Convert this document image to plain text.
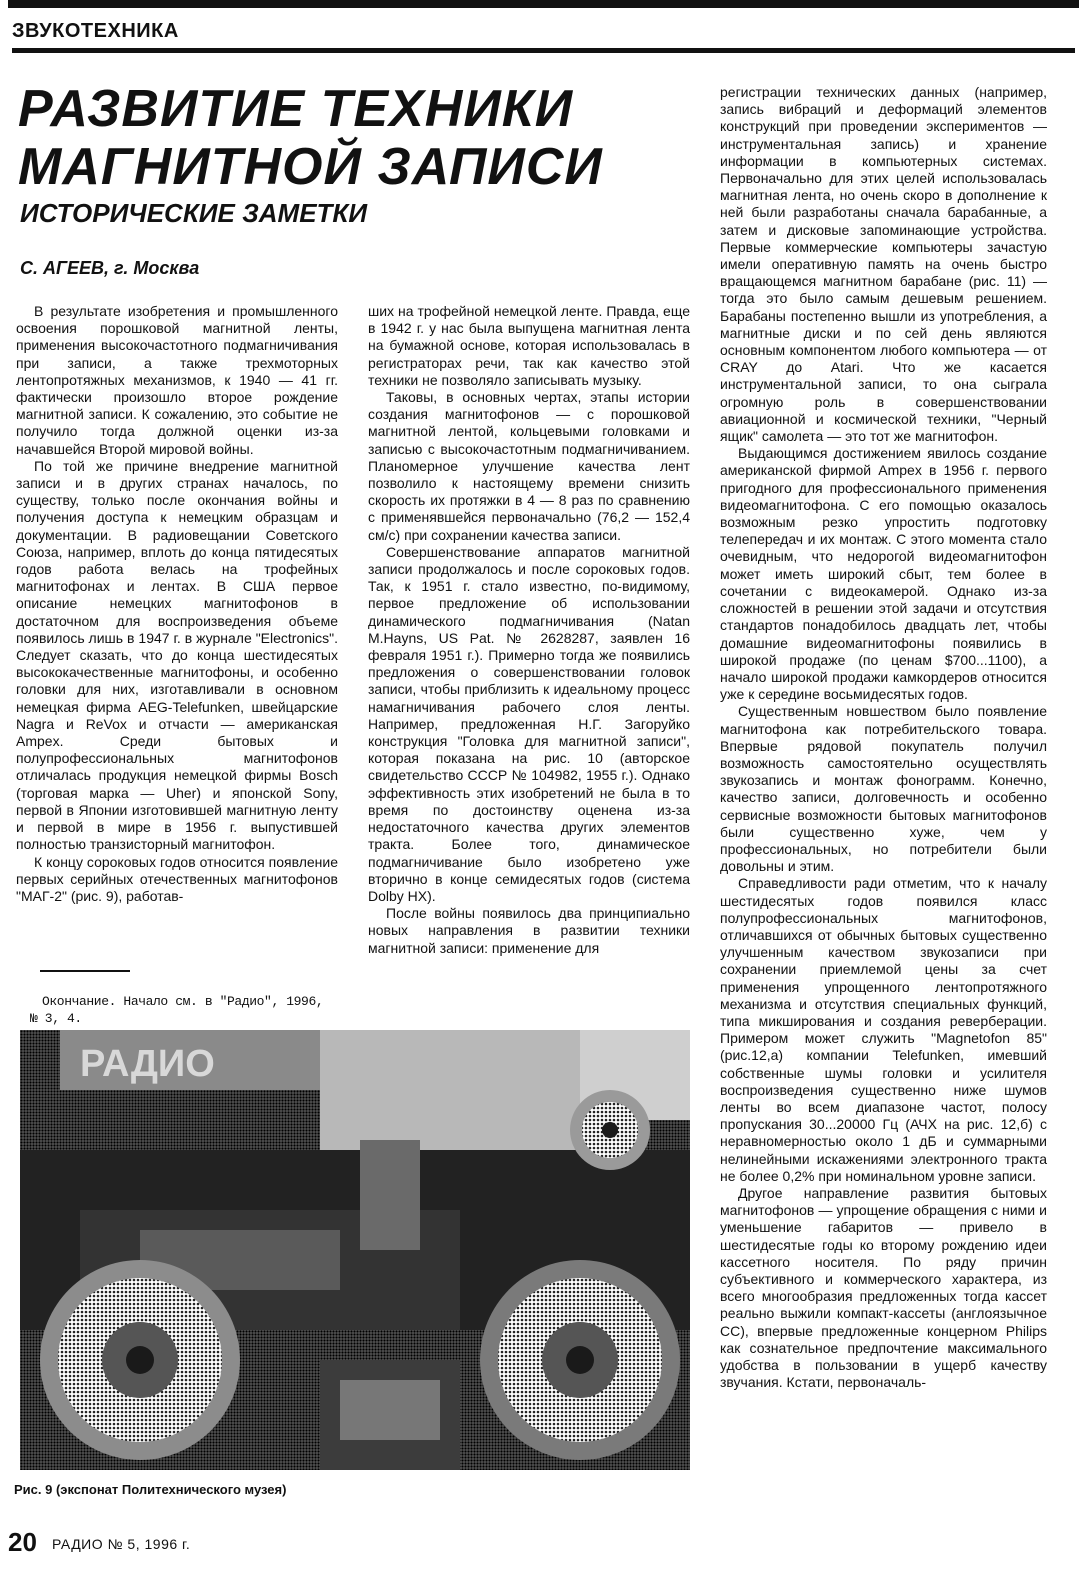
ЗВУКОТЕХНИКА
РАЗВИТИЕ ТЕХНИКИ
МАГНИТНОЙ ЗАПИСИ
ИСТОРИЧЕСКИЕ ЗАМЕТКИ
С. АГЕЕВ, г. Москва

В результате изобретения и промышленного освоения порошковой магнитной ленты, применения высокочастотного подмагничивания при записи, а также трехмоторных лентопротяжных механизмов, к 1940 — 41 гг. фактически произошло второе рождение магнитной записи. К сожалению, это событие не получило тогда должной оценки из-за начавшейся Второй мировой войны.

По той же причине внедрение магнитной записи и в других странах началось, по существу, только после окончания войны и получения доступа к немецким образцам и документации. В радиовещании Советского Союза, например, вплоть до конца пятидесятых годов работа велась на трофейных магнитофонах и лентах. В США первое описание немецких магнитофонов в достаточном для воспроизведения объеме появилось лишь в 1947 г. в журнале "Electronics". Следует сказать, что до конца шестидесятых высококачественные магнитофоны, и особенно головки для них, изготавливали в основном немецкая фирма AEG-Telefunken, швейцарские Nagra и ReVox и отчасти — американская Ampex. Среди бытовых и полупрофессиональных магнитофонов отличалась продукция немецкой фирмы Bosch (торговая марка — Uher) и японской Sony, первой в Японии изготовившей магнитную ленту и первой в мире в 1956 г. выпустившей полностью транзисторный магнитофон.

К концу сороковых годов относится появление первых серийных отечественных магнитофонов "МАГ-2" (рис. 9), работав-

ших на трофейной немецкой ленте. Правда, еще в 1942 г. у нас была выпущена магнитная лента на бумажной основе, которая использовалась в регистраторах речи, так как качество этой техники не позволяло записывать музыку.

Таковы, в основных чертах, этапы истории создания магнитофонов — с порошковой магнитной лентой, кольцевыми головками и записью с высокочастотным подмагничиванием. Планомерное улучшение качества лент позволило к настоящему времени снизить скорость их протяжки в 4 — 8 раз по сравнению с применявшейся первоначально (76,2 — 152,4 см/с) при сохранении качества записи.

Совершенствование аппаратов магнитной записи продолжалось и после сороковых годов. Так, к 1951 г. стало известно, по-видимому, первое предложение об использовании динамического подмагничивания (Natan M.Hayns, US Pat. № 2628287, заявлен 16 февраля 1951 г.). Примерно тогда же появились предложения о совершенствовании головок записи, чтобы приблизить к идеальному процесс намагничивания рабочего слоя ленты. Например, предложенная Н.Г. Загоруйко конструкция "Головка для магнитной записи", которая показана на рис. 10 (авторское свидетельство СССР № 104982, 1955 г.). Однако эффективность этих изобретений не была в то время по достоинству оценена из-за недостаточного качества других элементов тракта. Более того, динамическое подмагничивание было изобретено уже вторично в конце семидесятых годов (система Dolby HX).

После войны появилось два принципиально новых направления в развитии техники магнитной записи: применение для

регистрации технических данных (например, запись вибраций и деформаций элементов конструкций при проведении экспериментов — инструментальная запись) и хранение информации в компьютерных системах. Первоначально для этих целей использовалась магнитная лента, но очень скоро в дополнение к ней были разработаны сначала барабанные, а затем и дисковые запоминающие устройства. Первые коммерческие компьютеры зачастую имели оперативную память на очень быстро вращающемся магнитном барабане (рис. 11) — тогда это было самым дешевым решением. Барабаны постепенно вышли из употребления, а магнитные диски и по сей день являются основным компонентом любого компьютера — от CRAY до Atari. Что же касается инструментальной записи, то она сыграла огромную роль в совершенствовании авиационной и космической техники, "Черный ящик" самолета — это тот же магнитофон.

Выдающимся достижением явилось создание американской фирмой Ampex в 1956 г. первого пригодного для профессионального применения видеомагнитофона. С его помощью оказалось возможным резко упростить подготовку телепередач и их монтаж. С этого момента стало очевидным, что недорогой видеомагнитофон может иметь широкий сбыт, тем более в сочетании с видеокамерой. Однако из-за сложностей в решении этой задачи и отсутствия стандартов понадобилось двадцать лет, чтобы домашние видеомагнитофоны появились в широкой продаже (по ценам $700...1100), а начало широкой продажи камкордеров относится уже к середине восьмидесятых годов.

Существенным новшеством было появление магнитофона как потребительского товара. Впервые рядовой покупатель получил возможность самостоятельно осуществлять звукозапись и монтаж фонограмм. Конечно, качество записи, долговечность и особенно сервисные возможности бытовых магнитофонов были существенно хуже, чем у профессиональных, но потребители были довольны и этим.

Справедливости ради отметим, что к началу шестидесятых годов появился класс полупрофессиональных магнитофонов, отличавшихся от обычных бытовых существенно улучшенным качеством звукозаписи при сохранении приемлемой цены за счет применения упрощенного лентопротяжного механизма и отсутствия специальных функций, типа микширования и создания реверберации. Примером может служить "Magnetofon 85" (рис.12,а) компании Telefunken, имевший собственные шумы головки и усилителя воспроизведения существенно ниже шумов ленты во всем диапазоне частот, полосу пропускания 30...20000 Гц (АЧХ на рис. 12,б) с неравномерностью около 1 дБ и суммарными нелинейными искажениями электронного тракта не более 0,2% при номинальном уровне записи.

Другое направление развития бытовых магнитофонов — упрощение обращения с ними и уменьшение габаритов — привело в шестидесятые годы ко второму рождению идеи кассетного носителя. По ряду причин субъективного и коммерческого характера, из всего многообразия предложенных тогда кассет реально выжили компакт-кассеты (англоязычное CC), впервые предложенные концерном Philips как сознательное предпочтение максимального удобства в пользовании в ущерб качеству звучания. Кстати, первоначаль-

Окончание. Начало см. в "Радио", 1996, № 3, 4.

РАДИО
Рис. 9 (экспонат Политехнического музея)
20 РАДИО № 5, 1996 г.
